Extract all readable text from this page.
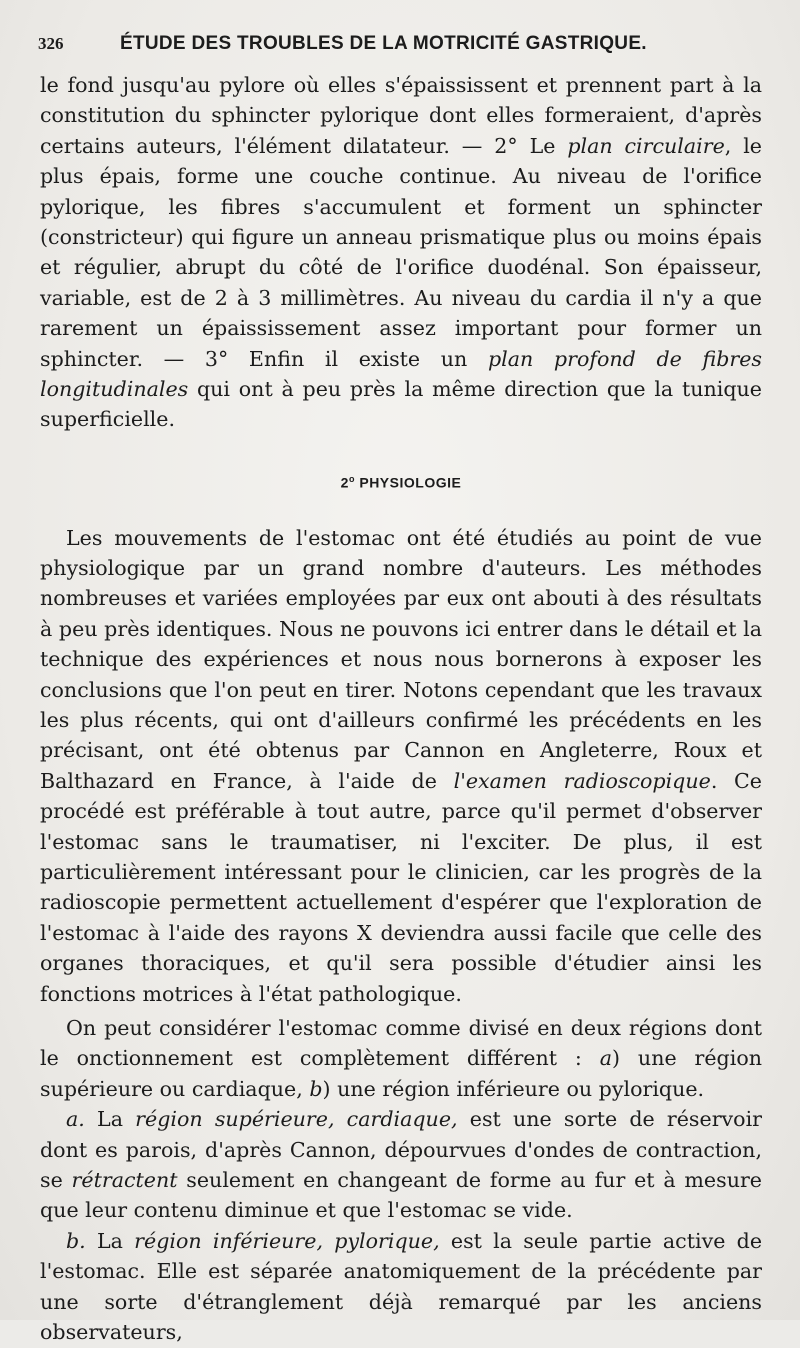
326	ÉTUDE DES TROUBLES DE LA MOTRICITÉ GASTRIQUE.

le fond jusqu'au pylore où elles s'épaississent et prennent part à la constitution du sphincter pylorique dont elles formeraient, d'après certains auteurs, l'élément dilatateur. — 2° Le plan circulaire, le plus épais, forme une couche continue. Au niveau de l'orifice pylorique, les fibres s'accumulent et forment un sphincter (constricteur) qui figure un anneau prismatique plus ou moins épais et régulier, abrupt du côté de l'orifice duodénal. Son épaisseur, variable, est de 2 à 3 millimètres. Au niveau du cardia il n'y a que rarement un épaississement assez important pour former un sphincter. — 3° Enfin il existe un plan profond de fibres longitudinales qui ont à peu près la même direction que la tunique superficielle.

2$^o$ PHYSIOLOGIE

Les mouvements de l'estomac ont été étudiés au point de vue physiologique par un grand nombre d'auteurs. Les méthodes nombreuses et variées employées par eux ont abouti à des résultats à peu près identiques. Nous ne pouvons ici entrer dans le détail et la technique des expériences et nous nous bornerons à exposer les conclusions que l'on peut en tirer. Notons cependant que les travaux les plus récents, qui ont d'ailleurs confirmé les précédents en les précisant, ont été obtenus par Cannon en Angleterre, Roux et Balthazard en France, à l'aide de l'examen radioscopique. Ce procédé est préférable à tout autre, parce qu'il permet d'observer l'estomac sans le traumatiser, ni l'exciter. De plus, il est particulièrement intéressant pour le clinicien, car les progrès de la radioscopie permettent actuellement d'espérer que l'exploration de l'estomac à l'aide des rayons X deviendra aussi facile que celle des organes thoraciques, et qu'il sera possible d'étudier ainsi les fonctions motrices à l'état pathologique.

On peut considérer l'estomac comme divisé en deux régions dont le onctionnement est complètement différent : a) une région supérieure ou cardiaque, b) une région inférieure ou pylorique.

a. La région supérieure, cardiaque, est une sorte de réservoir dont es parois, d'après Cannon, dépourvues d'ondes de contraction, se rétractent seulement en changeant de forme au fur et à mesure que leur contenu diminue et que l'estomac se vide.

b. La région inférieure, pylorique, est la seule partie active de l'estomac. Elle est séparée anatomiquement de la précédente par une sorte d'étranglement déjà remarqué par les anciens observateurs,
